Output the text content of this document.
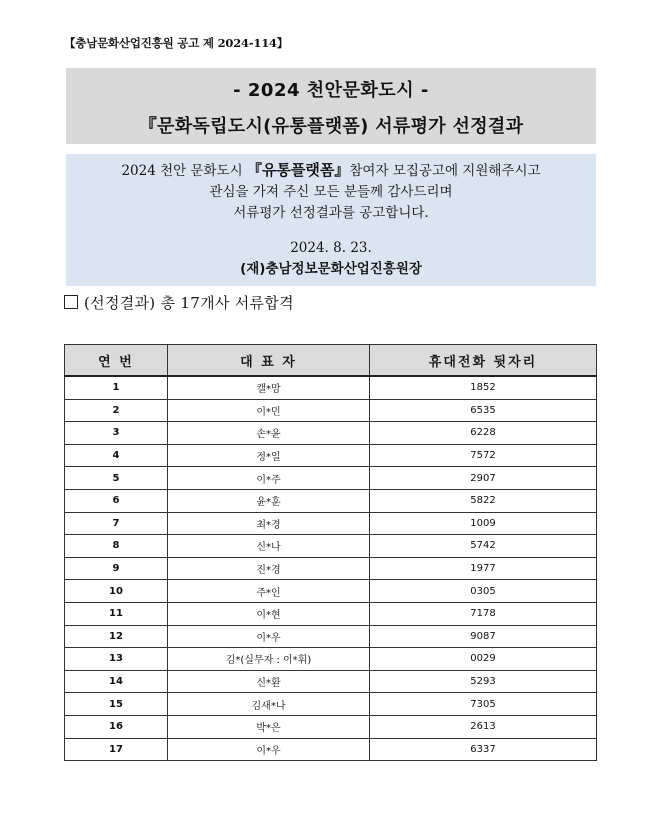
【충남문화산업진흥원 공고 제 2024-114】
- 2024 천안문화도시 -
『문화독립도시(유통플랫폼) 서류평가 선정결과
2024 천안 문화도시 『유통플랫폼』참여자 모집공고에 지원해주시고
관심을 가져 주신 모든 분들께 감사드리며
서류평가 선정결과를 공고합니다.
2024. 8. 23.
(재)충남정보문화산업진흥원장
(선정결과) 총 17개사 서류합격
연 번	대 표 자	휴대전화 뒷자리
1	캘*맘	1852
2	이*민	6535
3	손*윤	6228
4	정*일	7572
5	이*주	2907
6	윤*훈	5822
7	최*경	1009
8	신*나	5742
9	진*경	1977
10	주*인	0305
11	이*현	7178
12	이*우	9087
13	김*(실무자 : 이*휘)	0029
14	신*환	5293
15	김새*나	7305
16	박*은	2613
17	이*우	6337
